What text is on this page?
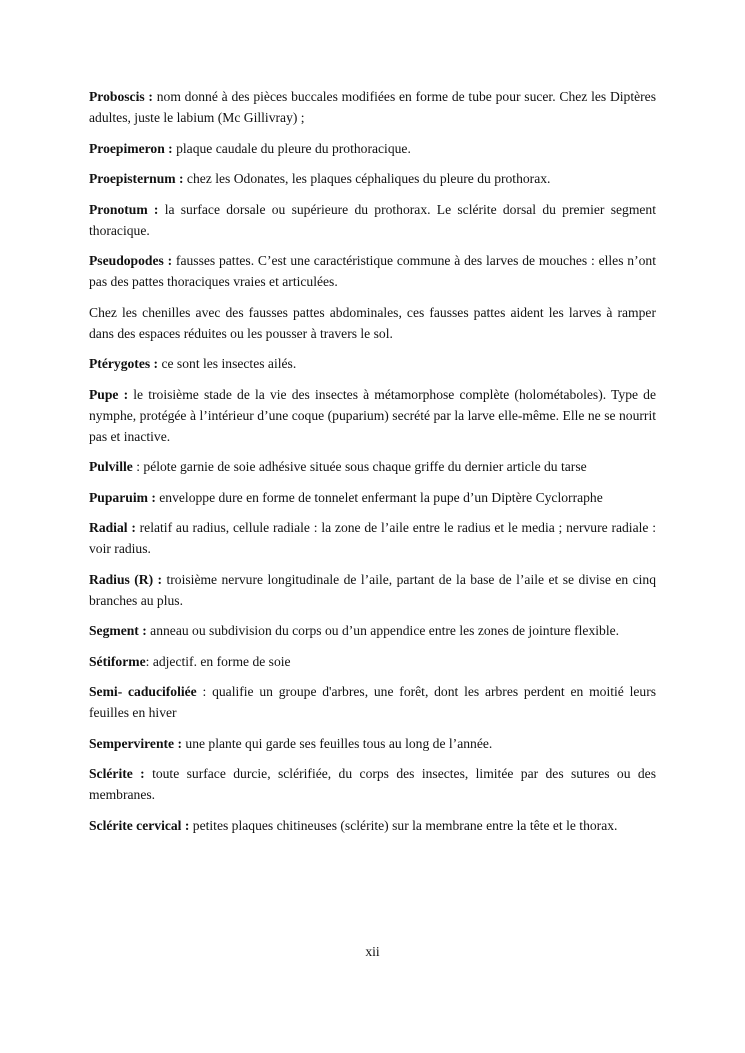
Proboscis : nom donné à des pièces buccales modifiées en forme de tube pour sucer. Chez les Diptères adultes, juste le labium (Mc Gillivray) ;

Proepimeron : plaque caudale du pleure du prothoracique.

Proepisternum : chez les Odonates, les plaques céphaliques du pleure du prothorax.

Pronotum : la surface dorsale ou supérieure du prothorax. Le sclérite dorsal du premier segment thoracique.

Pseudopodes : fausses pattes. C’est une caractéristique commune à des larves de mouches : elles n’ont pas des pattes thoraciques vraies et articulées.

Chez les chenilles avec des fausses pattes abdominales, ces fausses pattes aident les larves à ramper dans des espaces réduites ou les pousser à travers le sol.

Ptérygotes : ce sont les insectes ailés.

Pupe : le troisième stade de la vie des insectes à métamorphose complète (holométaboles). Type de nymphe, protégée à l’intérieur d’une coque (puparium) secrété par la larve elle-même. Elle ne se nourrit pas et inactive.

Pulville : pélote garnie de soie adhésive située sous chaque griffe du dernier article du tarse

Puparuim : enveloppe dure en forme de tonnelet enfermant la pupe d’un Diptère Cyclorraphe

Radial : relatif au radius, cellule radiale : la zone de l’aile entre le radius et le media ; nervure radiale : voir radius.

Radius (R) : troisième nervure longitudinale de l’aile, partant de la base de l’aile et se divise en cinq branches au plus.

Segment : anneau ou subdivision du corps ou d’un appendice entre les zones de jointure flexible.

Sétiforme: adjectif. en forme de soie

Semi- caducifoliée : qualifie un groupe d'arbres, une forêt, dont les arbres perdent en moitié leurs feuilles en hiver

Sempervirente : une plante qui garde ses feuilles tous au long de l’année.

Sclérite : toute surface durcie, sclérifiée, du corps des insectes, limitée par des sutures ou des membranes.

Sclérite cervical : petites plaques chitineuses (sclérite) sur la membrane entre la tête et le thorax.

xii
